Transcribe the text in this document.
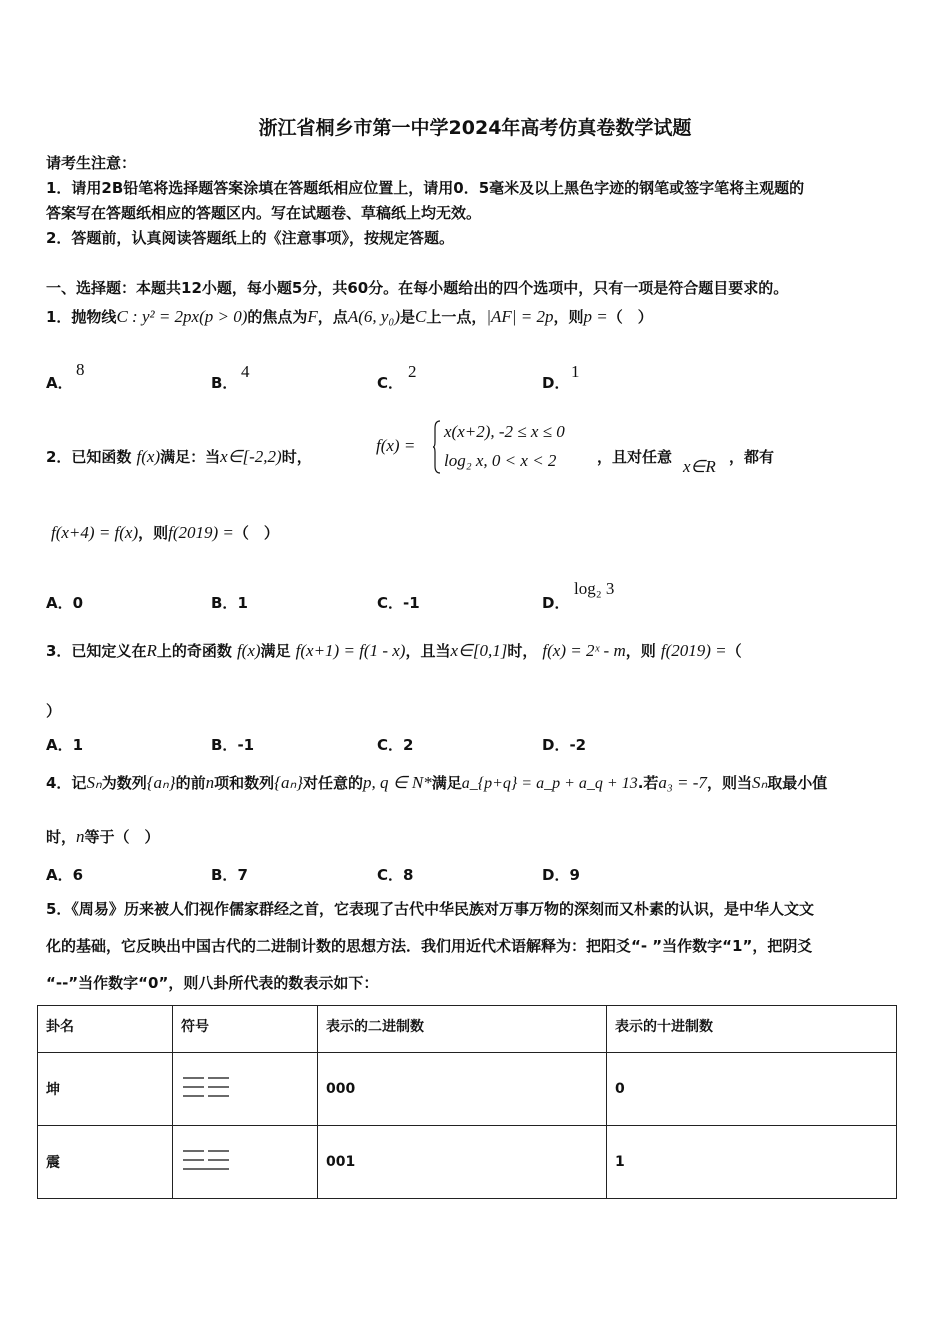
浙江省桐乡市第一中学2024年高考仿真卷数学试题
请考生注意：
1．请用2B铅笔将选择题答案涂填在答题纸相应位置上，请用0．5毫米及以上黑色字迹的钢笔或签字笔将主观题的
答案写在答题纸相应的答题区内。写在试题卷、草稿纸上均无效。
2．答题前，认真阅读答题纸上的《注意事项》，按规定答题。
一、选择题：本题共12小题，每小题5分，共60分。在每小题给出的四个选项中，只有一项是符合题目要求的。
1．抛物线C : y² = 2px(p > 0)的焦点为F，点A(6, y₀)是C上一点，|AF| = 2p，则p =（　）
A．
8
B．
4
C．
2
D．
1
2．已知函数 f(x)满足：当x∈[-2,2)时，
f(x) =
x(x+2), -2 ≤ x ≤ 0
log₂ x, 0 < x < 2	，且对任意 x∈R ，都有
f(x+4) = f(x)，则f(2019) =（　）
A．0	B．1	C．-1	D．
log₂ 3
3．已知定义在R上的奇函数 f(x)满足 f(x+1) = f(1 - x)，且当x∈[0,1]时， f(x) = 2ˣ - m，则 f(2019) =（
）
A．1	B．-1	C．2	D．-2
4．记Sₙ为数列{aₙ}的前n项和数列{aₙ}对任意的p, q ∈ N*满足a_{p+q} = a_p + a_q + 13.若a₃ = -7，则当Sₙ取最小值
时，n等于（　）
A．6	B．7	C．8	D．9
5．《周易》历来被人们视作儒家群经之首，它表现了古代中华民族对万事万物的深刻而又朴素的认识，是中华人文文
化的基础，它反映出中国古代的二进制计数的思想方法．我们用近代术语解释为：把阳爻“- ”当作数字“1”，把阴爻
“--”当作数字“0”，则八卦所代表的数表示如下：
卦名	符号	表示的二进制数	表示的十进制数
坤		000	0
震		001	1
